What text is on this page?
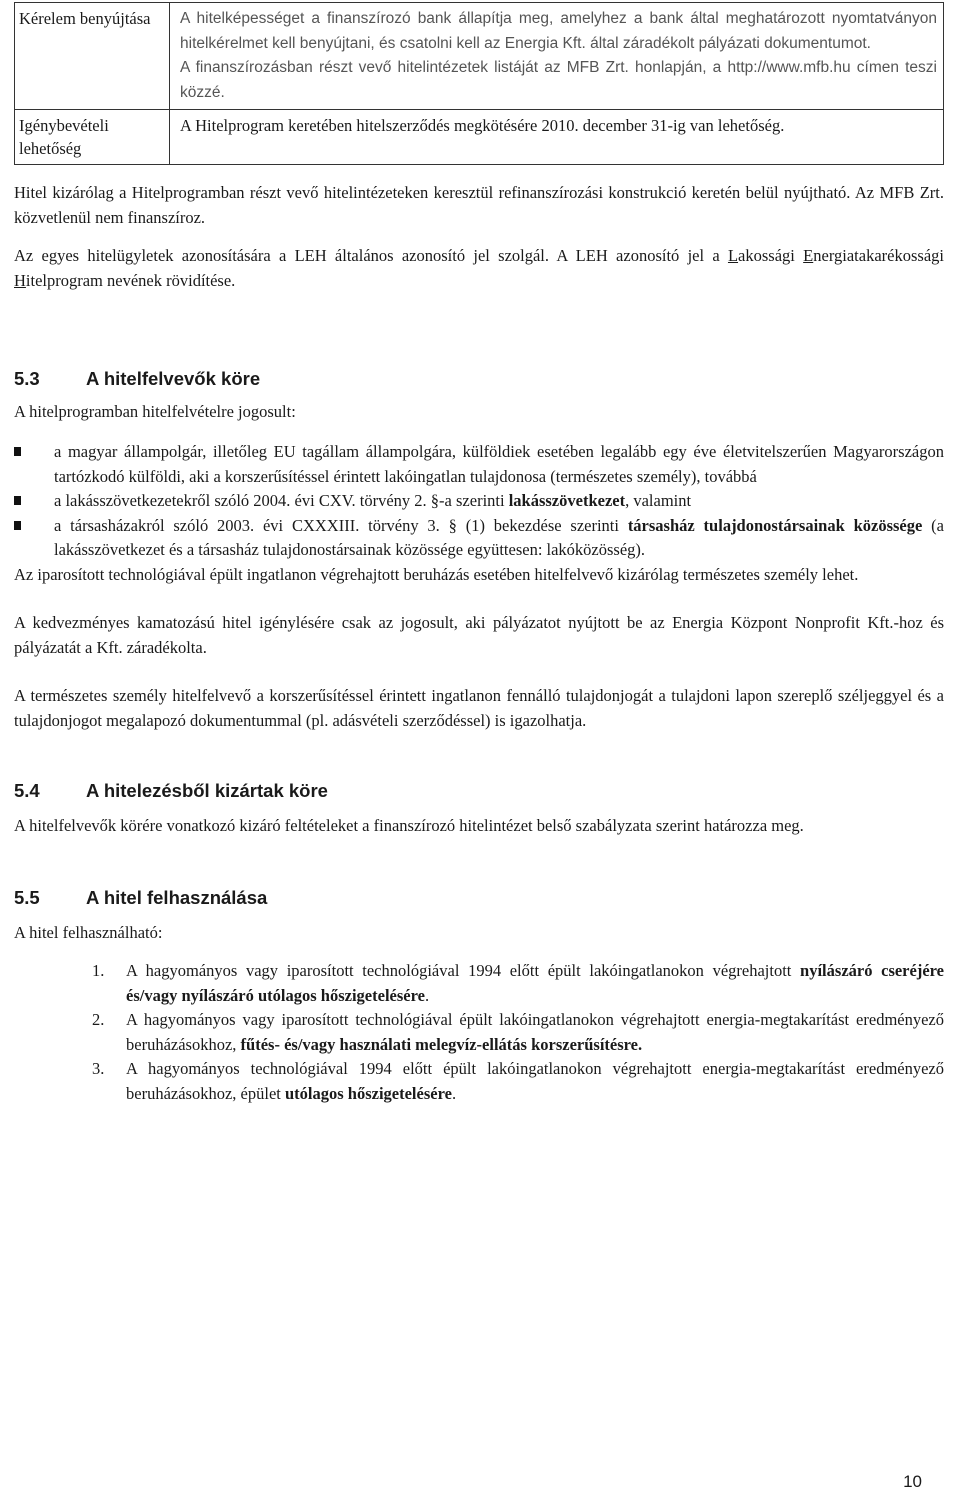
Kérelem benyújtása	A hitelképességet a finanszírozó bank állapítja meg, amelyhez a bank által meghatározott nyomtatványon hitelkérelmet kell benyújtani, és csatolni kell az Energia Kft. által záradékolt pályázati dokumentumot.

A finanszírozásban részt vevő hitelintézetek listáját az MFB Zrt. honlapján, a http://www.mfb.hu címen teszi közzé.

Igénybevételi lehetőség	A Hitelprogram keretében hitelszerződés megkötésére 2010. december 31-ig van lehetőség.

Hitel kizárólag a Hitelprogramban részt vevő hitelintézeteken keresztül refinanszírozási konstrukció keretén belül nyújtható. Az MFB Zrt. közvetlenül nem finanszíroz.

Az egyes hitelügyletek azonosítására a LEH általános azonosító jel szolgál. A LEH azonosító jel a Lakossági Energiatakarékossági Hitelprogram nevének rövidítése.

5.3	A hitelfelvevők köre

A hitelprogramban hitelfelvételre jogosult:

a magyar állampolgár, illetőleg EU tagállam állampolgára, külföldiek esetében legalább egy éve életvitelszerűen Magyarországon tartózkodó külföldi, aki a korszerűsítéssel érintett lakóingatlan tulajdonosa (természetes személy), továbbá
a lakásszövetkezetekről szóló 2004. évi CXV. törvény 2. §-a szerinti lakásszövetkezet, valamint
a társasházakról szóló 2003. évi CXXXIII. törvény 3. § (1) bekezdése szerinti társasház tulajdonostársainak közössége (a lakásszövetkezet és a társasház tulajdonostársainak közössége együttesen: lakóközösség).

Az iparosított technológiával épült ingatlanon végrehajtott beruházás esetében hitelfelvevő kizárólag természetes személy lehet.

A kedvezményes kamatozású hitel igénylésére csak az jogosult, aki pályázatot nyújtott be az Energia Központ Nonprofit Kft.-hoz és pályázatát a Kft. záradékolta.

A természetes személy hitelfelvevő a korszerűsítéssel érintett ingatlanon fennálló tulajdonjogát a tulajdoni lapon szereplő széljeggyel és a tulajdonjogot megalapozó dokumentummal (pl. adásvételi szerződéssel) is igazolhatja.

5.4	A hitelezésből kizártak köre

A hitelfelvevők körére vonatkozó kizáró feltételeket a finanszírozó hitelintézet belső szabályzata szerint határozza meg.

5.5	A hitel felhasználása

A hitel felhasználható:

1. A hagyományos vagy iparosított technológiával 1994 előtt épült lakóingatlanokon végrehajtott nyílászáró cseréjére és/vagy nyílászáró utólagos hőszigetelésére.
2. A hagyományos vagy iparosított technológiával épült lakóingatlanokon végrehajtott energia-megtakarítást eredményező beruházásokhoz, fűtés- és/vagy használati melegvíz-ellátás korszerűsítésre.
3. A hagyományos technológiával 1994 előtt épült lakóingatlanokon végrehajtott energia-megtakarítást eredményező beruházásokhoz, épület utólagos hőszigetelésére.
10
